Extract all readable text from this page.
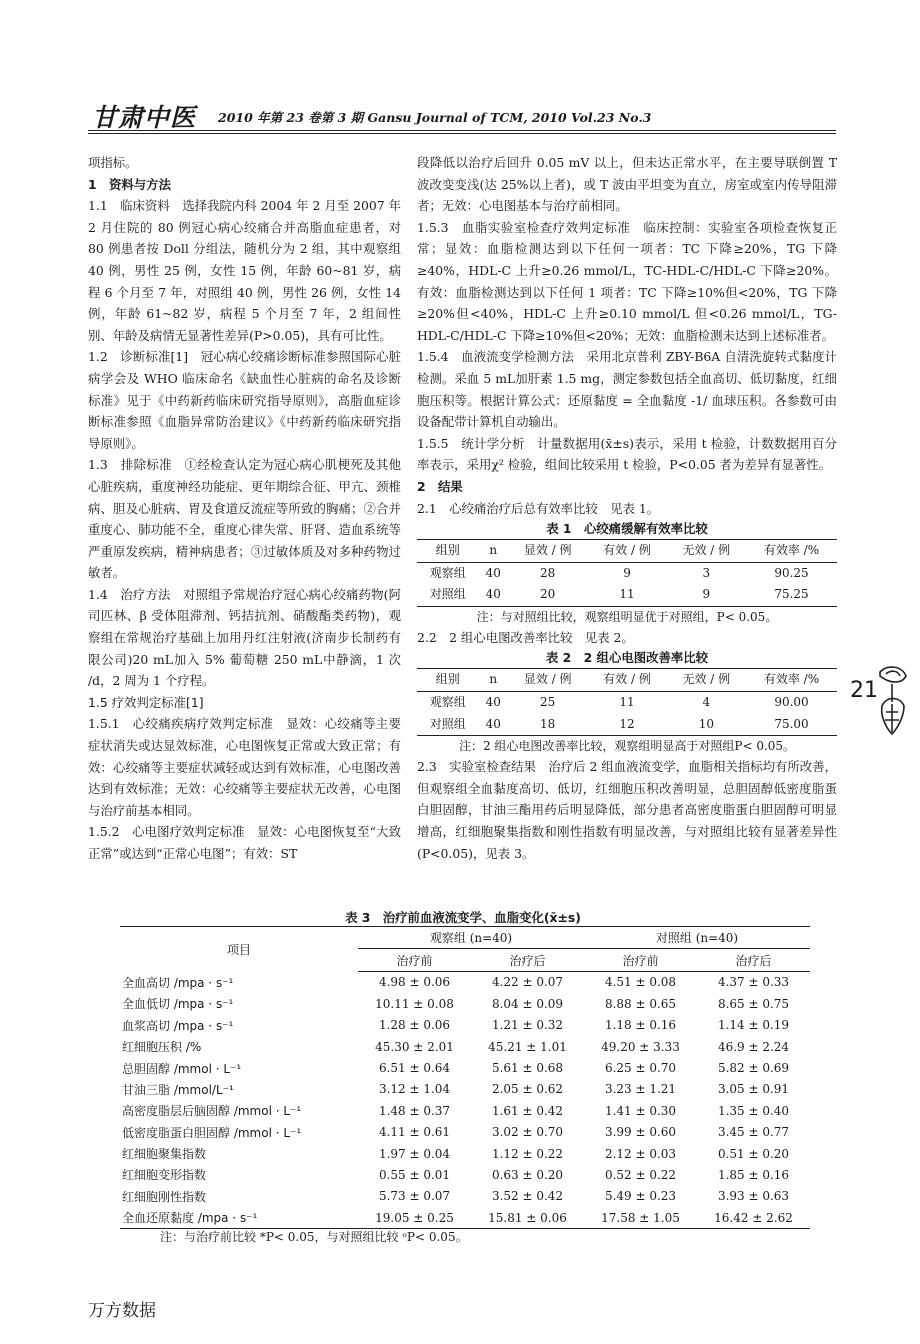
甘肃中医 2010 年第 23 卷第 3 期 Gansu Journal of TCM, 2010 Vol.23 No.3

项指标。

1　资料与方法

1.1　临床资料　选择我院内科 2004 年 2 月至 2007 年 2 月住院的 80 例冠心病心绞痛合并高脂血症患者，对 80 例患者按 Doll 分组法，随机分为 2 组，其中观察组 40 例，男性 25 例，女性 15 例，年龄 60~81 岁，病程 6 个月至 7 年，对照组 40 例，男性 26 例，女性 14 例，年龄 61~82 岁，病程 5 个月至 7 年，2 组间性别、年龄及病情无显著性差异(P>0.05)，具有可比性。

1.2　诊断标准[1]　冠心病心绞痛诊断标准参照国际心脏病学会及 WHO 临床命名《缺血性心脏病的命名及诊断标准》见于《中药新药临床研究指导原则》，高脂血症诊断标准参照《血脂异常防治建议》《中药新药临床研究指导原则》。

1.3　排除标准　①经检查认定为冠心病心肌梗死及其他心脏疾病，重度神经功能症、更年期综合征、甲亢、颈椎病、胆及心脏病、胃及食道反流症等所致的胸痛；②合并重度心、肺功能不全，重度心律失常、肝肾、造血系统等严重原发疾病，精神病患者；③过敏体质及对多种药物过敏者。

1.4　治疗方法　对照组予常规治疗冠心病心绞痛药物(阿司匹林、β 受体阻滞剂、钙拮抗剂、硝酸酯类药物)，观察组在常规治疗基础上加用丹红注射液(济南步长制药有限公司)20 mL加入 5% 葡萄糖 250 mL中静滴，1 次 /d，2 周为 1 个疗程。

1.5 疗效判定标准[1]

1.5.1　心绞痛疾病疗效判定标准　显效：心绞痛等主要症状消失或达显效标准，心电图恢复正常或大致正常；有效：心绞痛等主要症状减轻或达到有效标准，心电图改善达到有效标准；无效：心绞痛等主要症状无改善，心电图与治疗前基本相同。

1.5.2　心电图疗效判定标准　显效：心电图恢复至“大致正常”或达到“正常心电图”；有效：ST

段降低以治疗后回升 0.05 mV 以上，但未达正常水平，在主要导联倒置 T 波改变变浅(达 25%以上者)，或 T 波由平坦变为直立，房室或室内传导阻滞者；无效：心电图基本与治疗前相同。

1.5.3　血脂实验室检查疗效判定标准　临床控制：实验室各项检查恢复正常；显效：血脂检测达到以下任何一项者：TC 下降≥20%，TG 下降≥40%，HDL-C 上升≥0.26 mmol/L，TC-HDL-C/HDL-C 下降≥20%。有效：血脂检测达到以下任何 1 项者：TC 下降≥10%但<20%，TG 下降≥20%但<40%，HDL-C 上升≥0.10 mmol/L 但<0.26 mmol/L，TG-HDL-C/HDL-C 下降≥10%但<20%；无效：血脂检测未达到上述标准者。

1.5.4　血液流变学检测方法　采用北京普利 ZBY-B6A 自清洗旋转式黏度计检测。采血 5 mL加肝素 1.5 mg，测定参数包括全血高切、低切黏度，红细胞压积等。根据计算公式：还原黏度 = 全血黏度 -1/ 血球压积。各参数可由设备配带计算机自动输出。

1.5.5　统计学分析　计量数据用(x̄±s)表示，采用 t 检验，计数数据用百分率表示，采用χ² 检验，组间比较采用 t 检验，P<0.05 者为差异有显著性。

2　结果

2.1　心绞痛治疗后总有效率比较　见表 1。

表 1　心绞痛缓解有效率比较
组别	n	显效 / 例	有效 / 例	无效 / 例	有效率 /%
观察组	40	28	9	3	90.25
对照组	40	20	11	9	75.25
注：与对照组比较，观察组明显优于对照组，P< 0.05。

2.2　2 组心电图改善率比较　见表 2。

表 2　2 组心电图改善率比较
组别	n	显效 / 例	有效 / 例	无效 / 例	有效率 /%
观察组	40	25	11	4	90.00
对照组	40	18	12	10	75.00
注：2 组心电图改善率比较，观察组明显高于对照组P< 0.05。

2.3　实验室检查结果　治疗后 2 组血液流变学，血脂相关指标均有所改善，但观察组全血黏度高切、低切，红细胞压积改善明显，总胆固醇低密度脂蛋白胆固醇，甘油三酯用药后明显降低，部分患者高密度脂蛋白胆固醇可明显增高，红细胞聚集指数和刚性指数有明显改善，与对照组比较有显著差异性(P<0.05)，见表 3。

21
表 3　治疗前血液流变学、血脂变化(x̄±s)
项目	观察组 (n=40)		对照组 (n=40)	
	治疗前	治疗后	治疗前	治疗后
全血高切 /mpa · s⁻¹	4.98 ± 0.06	4.22 ± 0.07	4.51 ± 0.08	4.37 ± 0.33
全血低切 /mpa · s⁻¹	10.11 ± 0.08	8.04 ± 0.09	8.88 ± 0.65	8.65 ± 0.75
血浆高切 /mpa · s⁻¹	1.28 ± 0.06	1.21 ± 0.32	1.18 ± 0.16	1.14 ± 0.19
红细胞压积 /%	45.30 ± 2.01	45.21 ± 1.01	49.20 ± 3.33	46.9 ± 2.24
总胆固醇 /mmol · L⁻¹	6.51 ± 0.64	5.61 ± 0.68	6.25 ± 0.70	5.82 ± 0.69
甘油三脂 /mmol/L⁻¹	3.12 ± 1.04	2.05 ± 0.62	3.23 ± 1.21	3.05 ± 0.91
高密度脂层后脑固醇 /mmol · L⁻¹	1.48 ± 0.37	1.61 ± 0.42	1.41 ± 0.30	1.35 ± 0.40
低密度脂蛋白胆固醇 /mmol · L⁻¹	4.11 ± 0.61	3.02 ± 0.70	3.99 ± 0.60	3.45 ± 0.77
红细胞聚集指数	1.97 ± 0.04	1.12 ± 0.22	2.12 ± 0.03	0.51 ± 0.20
红细胞变形指数	0.55 ± 0.01	0.63 ± 0.20	0.52 ± 0.22	1.85 ± 0.16
红细胞刚性指数	5.73 ± 0.07	3.52 ± 0.42	5.49 ± 0.23	3.93 ± 0.63
全血还原黏度 /mpa · s⁻¹	19.05 ± 0.25	15.81 ± 0.06	17.58 ± 1.05	16.42 ± 2.62
注：与治疗前比较 *P< 0.05，与对照组比较 ᵒP< 0.05。
万方数据
